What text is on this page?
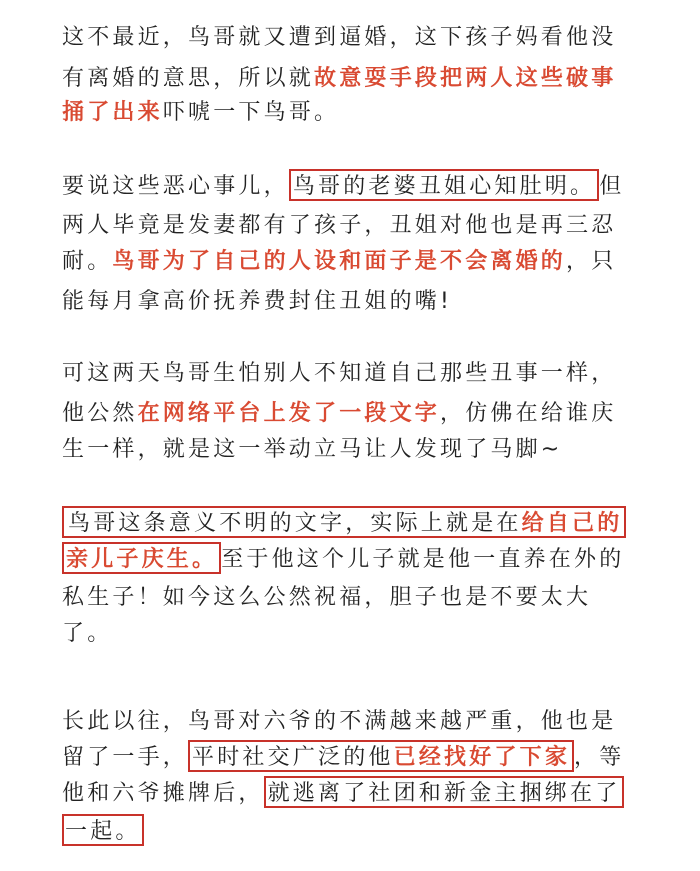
这不最近，鸟哥就又遭到逼婚，这下孩子妈看他没
有离婚的意思，所以就故意耍手段把两人这些破事
捅了出来吓唬一下鸟哥。
要说这些恶心事儿， 鸟哥的老婆丑姐心知肚明。 但
两人毕竟是发妻都有了孩子，丑姐对他也是再三忍
耐。鸟哥为了自己的人设和面子是不会离婚的，只
能每月拿高价抚养费封住丑姐的嘴!
可这两天鸟哥生怕别人不知道自己那些丑事一样，
他公然在网络平台上发了一段文字，仿佛在给谁庆
生一样，就是这一举动立马让人发现了马脚~
鸟哥这条意义不明的文字，实际上就是在给自己的
亲儿子庆生。 至于他这个儿子就是他一直养在外的
私生子！如今这么公然祝福，胆子也是不要太大
了。
长此以往，鸟哥对六爷的不满越来越严重，他也是
留了一手， 平时社交广泛的他已经找好了下家 ，等
他和六爷摊牌后， 就逃离了社团和新金主捆绑在了
一起。
